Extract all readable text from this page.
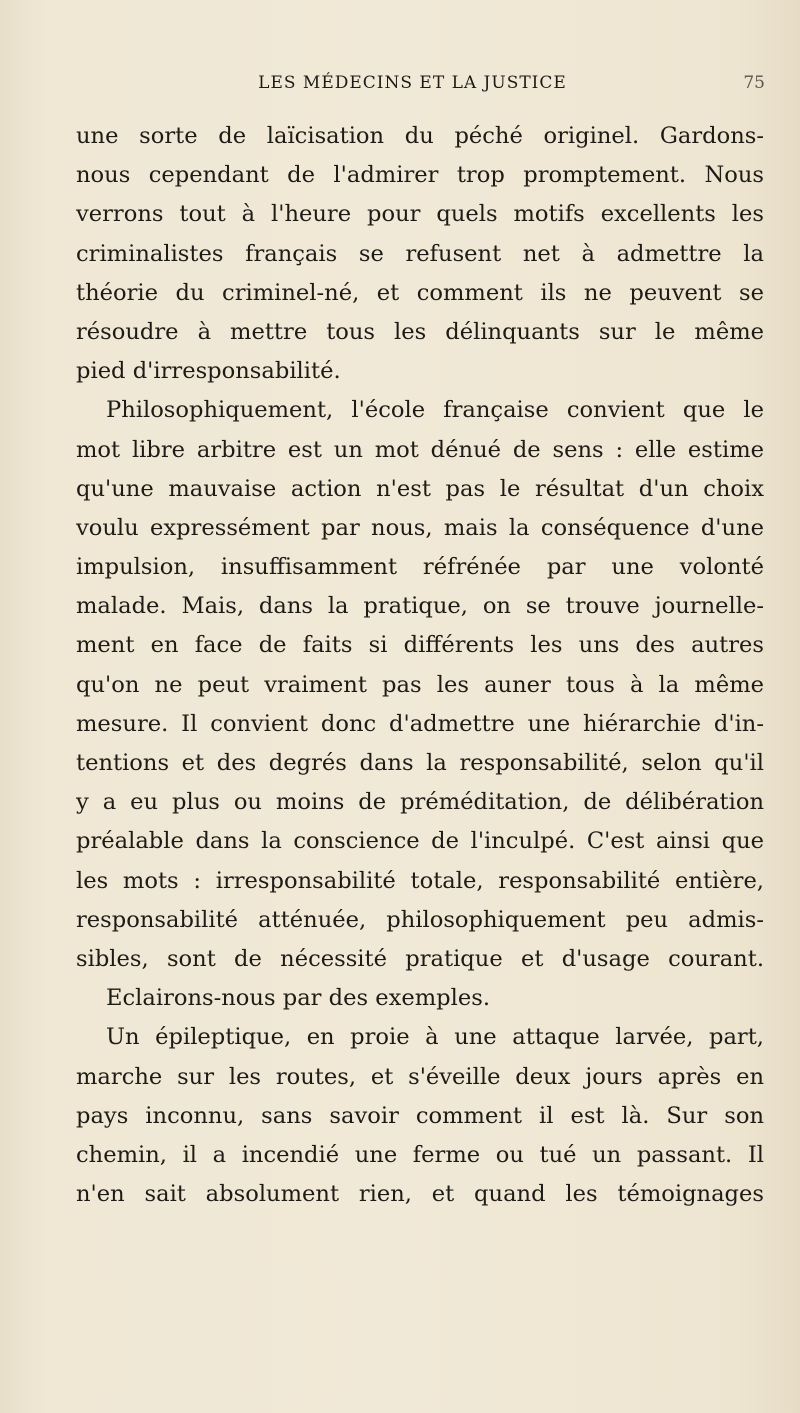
LES MÉDECINS ET LA JUSTICE	75
une sorte de laïcisation du péché originel. Gardons-
nous cependant de l'admirer trop promptement. Nous
verrons tout à l'heure pour quels motifs excellents les
criminalistes français se refusent net à admettre la
théorie du criminel-né, et comment ils ne peuvent se
résoudre à mettre tous les délinquants sur le même
pied d'irresponsabilité.
Philosophiquement, l'école française convient que le
mot libre arbitre est un mot dénué de sens : elle estime
qu'une mauvaise action n'est pas le résultat d'un choix
voulu expressément par nous, mais la conséquence d'une
impulsion, insuffisamment réfrénée par une volonté
malade. Mais, dans la pratique, on se trouve journelle-
ment en face de faits si différents les uns des autres
qu'on ne peut vraiment pas les auner tous à la même
mesure. Il convient donc d'admettre une hiérarchie d'in-
tentions et des degrés dans la responsabilité, selon qu'il
y a eu plus ou moins de préméditation, de délibération
préalable dans la conscience de l'inculpé. C'est ainsi que
les mots : irresponsabilité totale, responsabilité entière,
responsabilité atténuée, philosophiquement peu admis-
sibles, sont de nécessité pratique et d'usage courant.
Eclairons-nous par des exemples.
Un épileptique, en proie à une attaque larvée, part,
marche sur les routes, et s'éveille deux jours après en
pays inconnu, sans savoir comment il est là. Sur son
chemin, il a incendié une ferme ou tué un passant. Il
n'en sait absolument rien, et quand les témoignages
